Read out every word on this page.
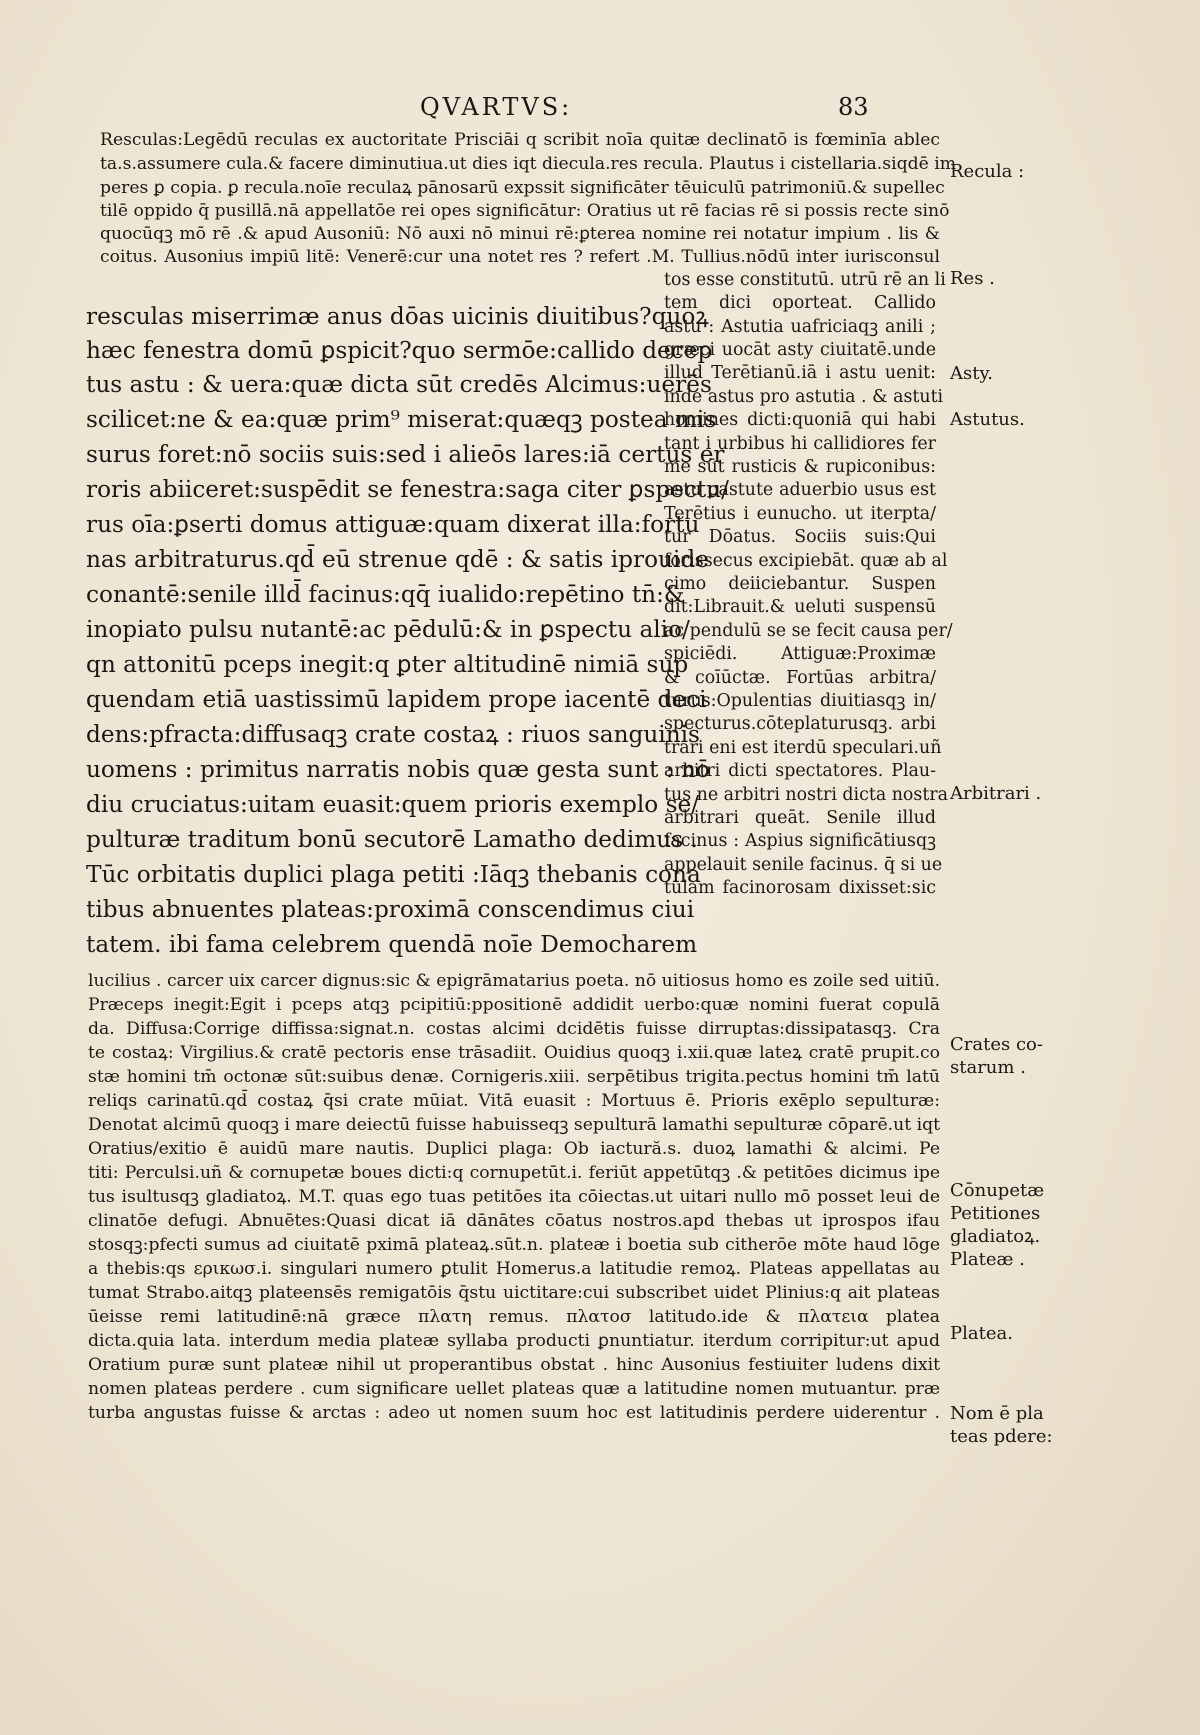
QVARTVS:	83
Resculas:Legēdū reculas ex auctoritate Prisciāi q scribit noīa quitæ declinatō is fœminīa ablec
ta.s.assumere cula.& facere diminutiua.ut dies iqt diecula.res recula. Plautus i cistellaria.siqdē im
peres ꝑ copia. ꝑ recula.noīe reculaꝝ pānosarū expssit significāter tēuiculū patrimoniū.& supellec
tilē oppido q̄ pusillā.nā appellatōe rei opes significātur: Oratius ut rē facias rē si possis recte sinō
quocūqꝫ mō rē .& apud Ausoniū: Nō auxi nō minui rē:ꝑterea nomine rei notatur impium . lis &
coitus. Ausonius impiū litē: Venerē:cur una notet res ? refert .M. Tullius.nōdū inter iurisconsul
resculas miserrimæ anus dōas uicinis diuitibus?quoꝝ
hæc fenestra domū ꝑspicit?quo sermōe:callido decep
tus astu : & uera:quæ dicta sūt credēs Alcimus:uerēs
scilicet:ne & ea:quæ prim⁹ miserat:quæqꝫ postea mis
surus foret:nō sociis suis:sed i alieōs lares:iā certus er
roris abiiceret:suspēdit se fenestra:saga citer ꝑspectu/
rus oīa:ꝑserti domus attiguæ:quam dixerat illa:fortu
nas arbitraturus.qd̄ eū strenue qdē : & satis iprouide
conantē:senile illd̄ facinus:qq̄ iualido:repētino tn̄:&
inopiato pulsu nutantē:ac pēdulū:& in ꝑspectu alio/
qn attonitū pceps inegit:q ꝑter altitudinē nimiā sup
quendam etiā uastissimū lapidem prope iacentē deci
dens:pfracta:diffusaqꝫ crate costaꝝ : riuos sanguinis
uomens : primitus narratis nobis quæ gesta sunt : nō
diu cruciatus:uitam euasit:quem prioris exemplo se/
pulturæ traditum bonū secutorē Lamatho dedimus .
Tūc orbitatis duplici plaga petiti :Iāqꝫ thebanis cona
tibus abnuentes plateas:proximā conscendimus ciui
tatem. ibi fama celebrem quendā noīe Democharem
tos esse constitutū. utrū rē an li
tem dici oporteat. Callido
astu : Astutia uafriciaqꝫ anili ;
græci uocāt asty ciuitatē.unde
illud Terētianū.iā i astu uenit:
inde astus pro astutia . & astuti
homines dicti:quoniā qui habi
tant i urbibus hi callidiores fer
me sūt rusticis & rupiconibus:
astu ꝑastute aduerbio usus est
Terētius i eunucho. ut iterpta/
tur Dōatus. Sociis suis:Qui
forissecus excipiebāt. quæ ab al
cimo deiiciebantur. Suspen
dit:Librauit.& ueluti suspensū
ac pendulū se se fecit causa per/
spiciēdi. Attiguæ:Proximæ
& coīūctæ. Fortūas arbitra/
turus:Opulentias diuitiasqꝫ in/
specturus.cōteplaturusqꝫ. arbi
trari eni est iterdū speculari.uñ
arbitri dicti spectatores. Plau-
tus ne arbitri nostri dicta nostra
arbitrari queāt. Senile illud
facinus : Aspius significātiusqꝫ
appelauit senile facinus. q̄ si ue
tulam facinorosam dixisset:sic
lucilius . carcer uix carcer dignus:sic & epigrāmatarius poeta. nō uitiosus homo es zoile sed uitiū.
Præceps inegit:Egit i pceps atqꝫ pcipitiū:ppositionē addidit uerbo:quæ nomini fuerat copulā
da. Diffusa:Corrige diffissa:signat.n. costas alcimi dcidētis fuisse dirruptas:dissipatasqꝫ. Cra
te costaꝝ: Virgilius.& cratē pectoris ense trāsadiit. Ouidius quoqꝫ i.xii.quæ lateꝝ cratē prupit.co
stæ homini tm̄ octonæ sūt:suibus denæ. Cornigeris.xiii. serpētibus trigita.pectus homini tm̄ latū
reliqs carinatū.qd̄ costaꝝ q̄si crate mūiat. Vitā euasit : Mortuus ē. Prioris exēplo sepulturæ:
Denotat alcimū quoqꝫ i mare deiectū fuisse habuisseqꝫ sepulturā lamathi sepulturæ cōparē.ut iqt
Oratius/exitio ē auidū mare nautis. Duplici plaga: Ob iactură.s. duoꝝ lamathi & alcimi. Pe
titi: Perculsi.uñ & cornupetæ boues dicti:q cornupetūt.i. feriūt appetūtqꝫ .& petitōes dicimus ipe
tus isultusqꝫ gladiatoꝝ. M.T. quas ego tuas petitōes ita cōiectas.ut uitari nullo mō posset leui de
clinatōe defugi. Abnuētes:Quasi dicat iā dānātes cōatus nostros.apd thebas ut iprospos ifau
stosqꝫ:pfecti sumus ad ciuitatē pximā plateaꝝ.sūt.n. plateæ i boetia sub citherōe mōte haud lōge
a thebis:qs ερικωσ.i. singulari numero ꝑtulit Homerus.a latitudie remoꝝ. Plateas appellatas au
tumat Strabo.aitqꝫ plateensēs remigatōis q̄stu uictitare:cui subscribet uidet Plinius:q ait plateas
ūeisse remi latitudinē:nā græce πλατη remus. πλατοσ latitudo.ide & πλατεια platea
dicta.quia lata. interdum media plateæ syllaba producti ꝑnuntiatur. iterdum corripitur:ut apud
Oratium puræ sunt plateæ nihil ut properantibus obstat . hinc Ausonius festiuiter ludens dixit
nomen plateas perdere . cum significare uellet plateas quæ a latitudine nomen mutuantur. præ
turba angustas fuisse & arctas : adeo ut nomen suum hoc est latitudinis perdere uiderentur .
Recula :
Res .
Asty.
Astutus.
Arbitrari .
Crates co-
starum .
Cōnupetæ
Petitiones
gladiatoꝝ.
Plateæ .
Platea.
Nom ē pla
teas pdere:
